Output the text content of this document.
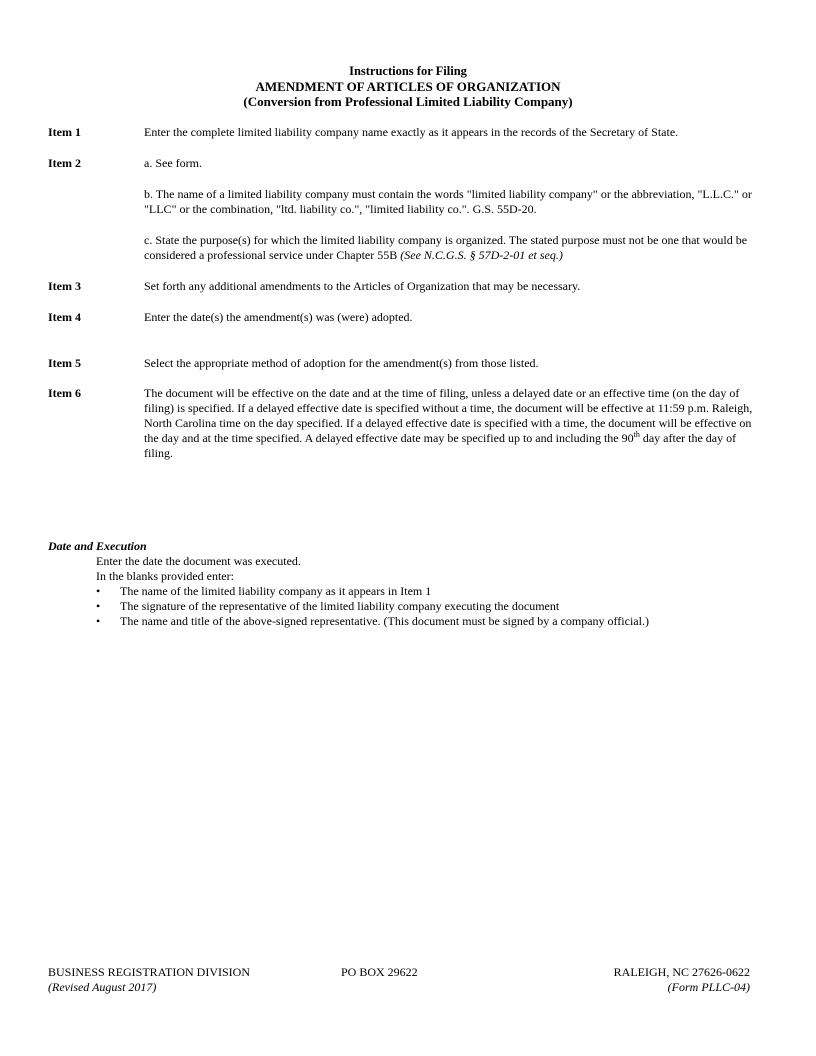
Instructions for Filing
AMENDMENT OF ARTICLES OF ORGANIZATION
(Conversion from Professional Limited Liability Company)
Item 1	Enter the complete limited liability company name exactly as it appears in the records of the Secretary of State.
Item 2	a. See form.

b. The name of a limited liability company must contain the words "limited liability company" or the abbreviation, "L.L.C." or "LLC" or the combination, "ltd. liability co.", "limited liability co.". G.S. 55D-20.

c. State the purpose(s) for which the limited liability company is organized. The stated purpose must not be one that would be considered a professional service under Chapter 55B (See N.C.G.S. § 57D-2-01 et seq.)

Item 3	Set forth any additional amendments to the Articles of Organization that may be necessary.
Item 4	Enter the date(s) the amendment(s) was (were) adopted.
Item 5	Select the appropriate method of adoption for the amendment(s) from those listed.
Item 6	The document will be effective on the date and at the time of filing, unless a delayed date or an effective time (on the day of filing) is specified. If a delayed effective date is specified without a time, the document will be effective at 11:59 p.m. Raleigh, North Carolina time on the day specified. If a delayed effective date is specified with a time, the document will be effective on the day and at the time specified. A delayed effective date may be specified up to and including the 90th day after the day of filing.
Date and Execution
Enter the date the document was executed.
In the blanks provided enter:
• The name of the limited liability company as it appears in Item 1
• The signature of the representative of the limited liability company executing the document
• The name and title of the above-signed representative. (This document must be signed by a company official.)
BUSINESS REGISTRATION DIVISION	PO BOX 29622	RALEIGH, NC 27626-0622
(Revised August 2017)	(Form PLLC-04)
